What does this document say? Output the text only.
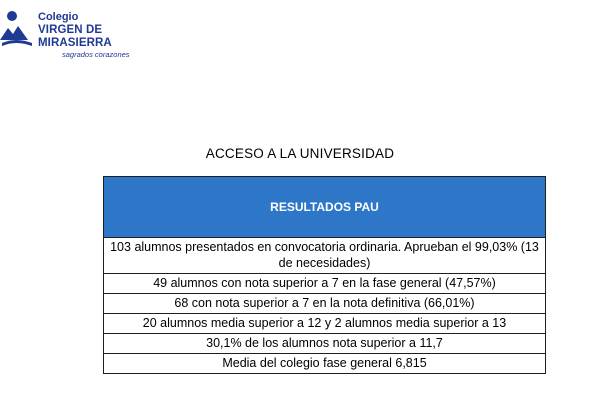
Colegio
VIRGEN DE MIRASIERRA
sagrados corazones
ACCESO A LA UNIVERSIDAD
RESULTADOS PAU
103 alumnos presentados en convocatoria ordinaria. Aprueban el 99,03% (13 de necesidades)
49 alumnos con nota superior a 7 en la fase general (47,57%)
68 con nota superior a 7 en la nota definitiva (66,01%)
20 alumnos media superior a 12 y 2 alumnos media superior a 13
30,1% de los alumnos nota superior a 11,7
Media del colegio fase general 6,815
